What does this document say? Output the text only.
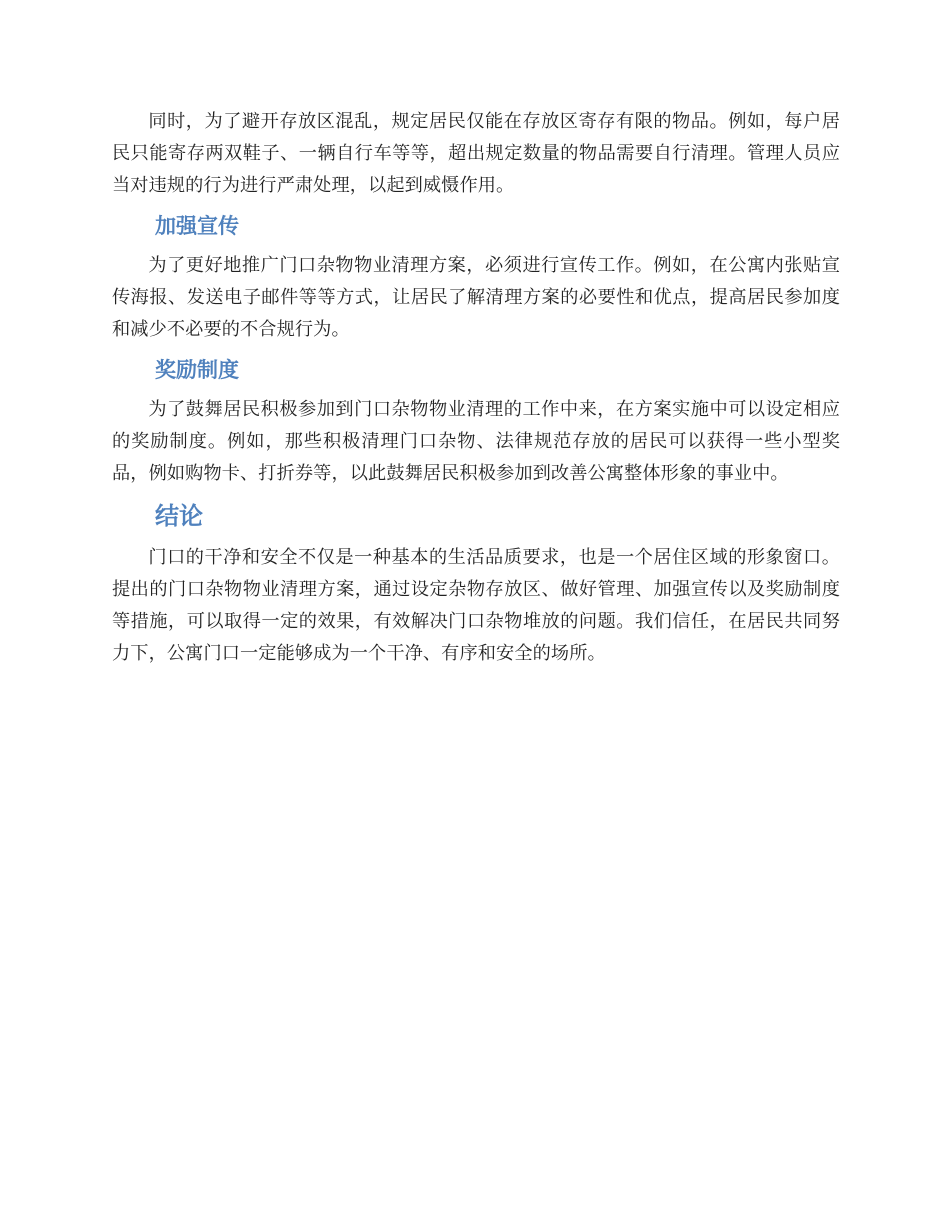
同时，为了避开存放区混乱，规定居民仅能在存放区寄存有限的物品。例如，每户居民只能寄存两双鞋子、一辆自行车等等，超出规定数量的物品需要自行清理。管理人员应当对违规的行为进行严肃处理，以起到威慑作用。

加强宣传

为了更好地推广门口杂物物业清理方案，必须进行宣传工作。例如，在公寓内张贴宣传海报、发送电子邮件等等方式，让居民了解清理方案的必要性和优点，提高居民参加度和减少不必要的不合规行为。

奖励制度

为了鼓舞居民积极参加到门口杂物物业清理的工作中来，在方案实施中可以设定相应的奖励制度。例如，那些积极清理门口杂物、法律规范存放的居民可以获得一些小型奖品，例如购物卡、打折券等，以此鼓舞居民积极参加到改善公寓整体形象的事业中。

结论

门口的干净和安全不仅是一种基本的生活品质要求，也是一个居住区域的形象窗口。提出的门口杂物物业清理方案，通过设定杂物存放区、做好管理、加强宣传以及奖励制度等措施，可以取得一定的效果，有效解决门口杂物堆放的问题。我们信任，在居民共同努力下，公寓门口一定能够成为一个干净、有序和安全的场所。
